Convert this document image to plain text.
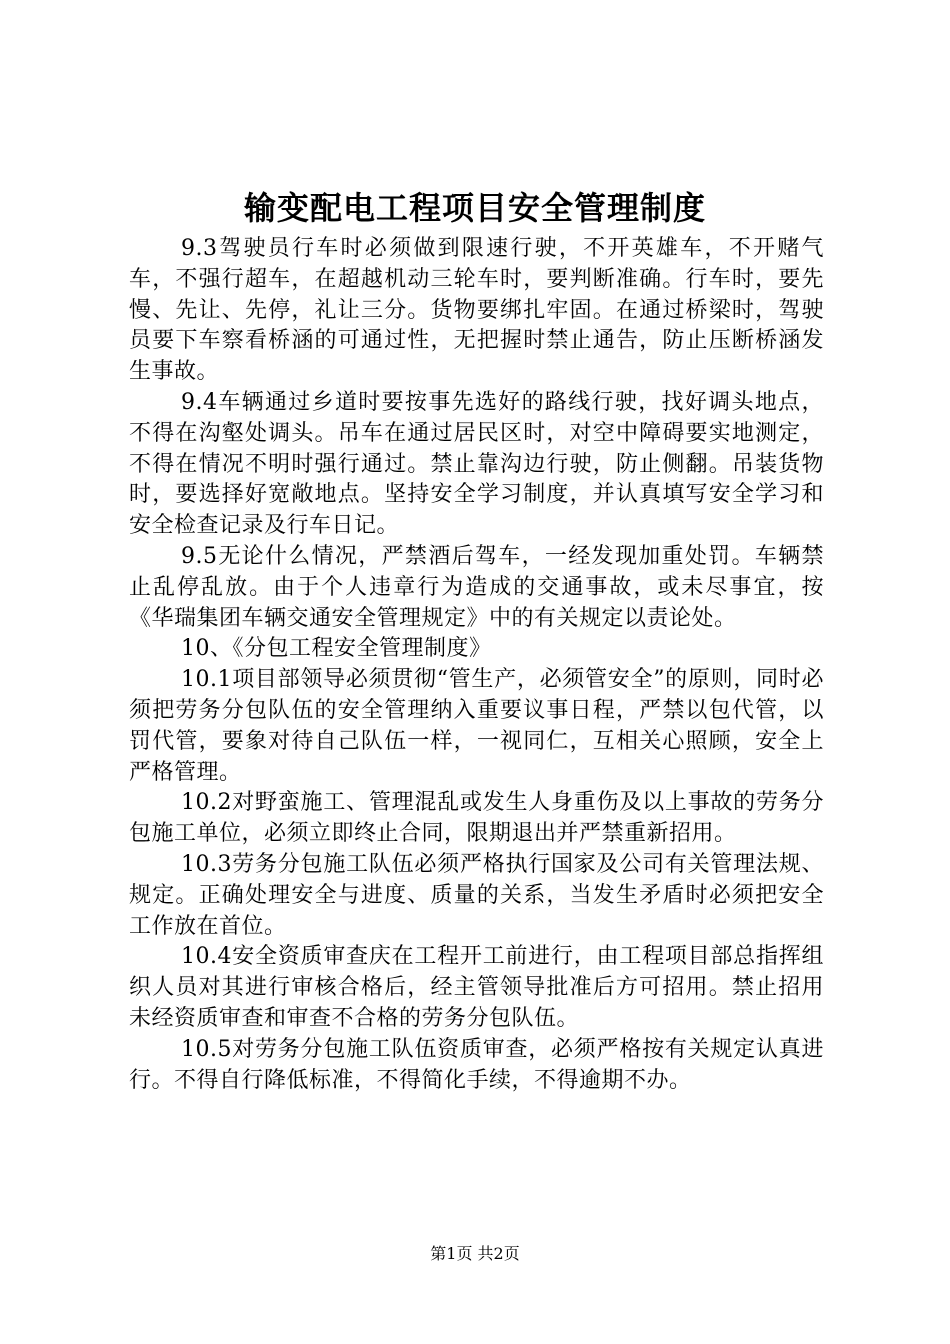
输变配电工程项目安全管理制度

9.3驾驶员行车时必须做到限速行驶，不开英雄车，不开赌气车，不强行超车，在超越机动三轮车时，要判断准确。行车时，要先慢、先让、先停，礼让三分。货物要绑扎牢固。在通过桥梁时，驾驶员要下车察看桥涵的可通过性，无把握时禁止通告，防止压断桥涵发生事故。

9.4车辆通过乡道时要按事先选好的路线行驶，找好调头地点，不得在沟壑处调头。吊车在通过居民区时，对空中障碍要实地测定，不得在情况不明时强行通过。禁止靠沟边行驶，防止侧翻。吊装货物时，要选择好宽敞地点。坚持安全学习制度，并认真填写安全学习和安全检查记录及行车日记。

9.5无论什么情况，严禁酒后驾车，一经发现加重处罚。车辆禁止乱停乱放。由于个人违章行为造成的交通事故，或未尽事宜，按《华瑞集团车辆交通安全管理规定》中的有关规定以责论处。

10、《分包工程安全管理制度》

10.1项目部领导必须贯彻“管生产，必须管安全”的原则，同时必须把劳务分包队伍的安全管理纳入重要议事日程，严禁以包代管，以罚代管，要象对待自己队伍一样，一视同仁，互相关心照顾，安全上严格管理。

10.2对野蛮施工、管理混乱或发生人身重伤及以上事故的劳务分包施工单位，必须立即终止合同，限期退出并严禁重新招用。

10.3劳务分包施工队伍必须严格执行国家及公司有关管理法规、规定。正确处理安全与进度、质量的关系，当发生矛盾时必须把安全工作放在首位。

10.4安全资质审查庆在工程开工前进行，由工程项目部总指挥组织人员对其进行审核合格后，经主管领导批准后方可招用。禁止招用未经资质审查和审查不合格的劳务分包队伍。

10.5对劳务分包施工队伍资质审查，必须严格按有关规定认真进行。不得自行降低标准，不得简化手续，不得逾期不办。

第1页 共2页
